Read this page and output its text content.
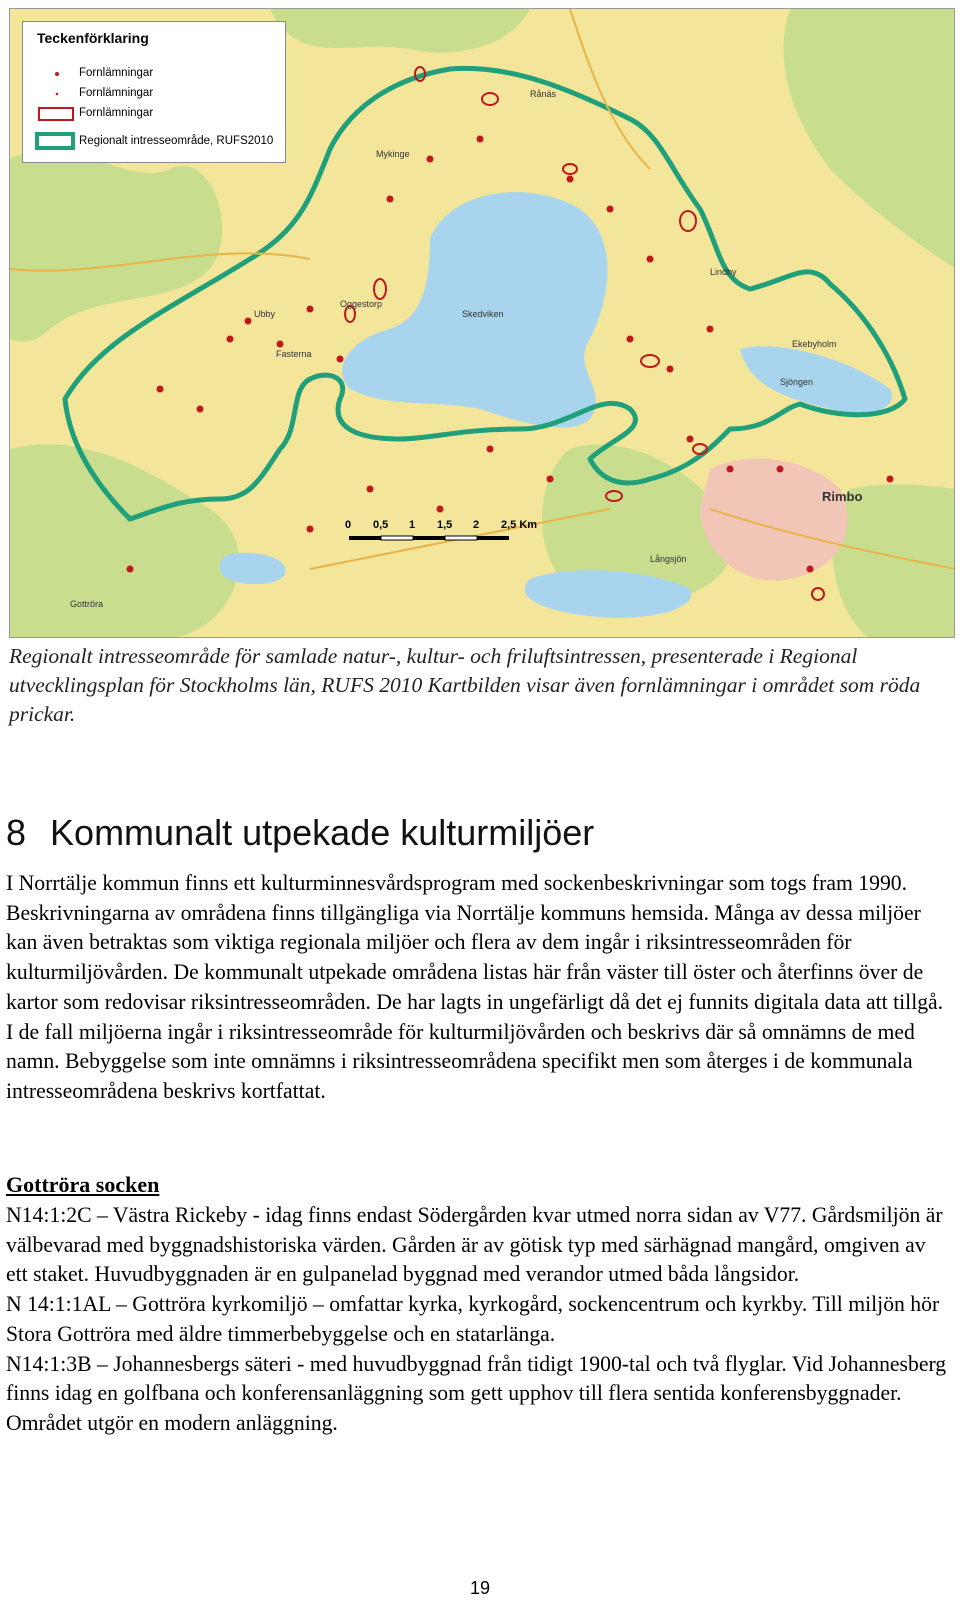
Teckenförklaring
Fornlämningar
Fornlämningar
Fornlämningar
Regionalt intresseområde, RUFS2010
0 0,5 1 1,5 2 2,5 Km
Rånäs
Skedviken
Fasterna
Ubby
Oggestorp
Gottröra
Rimbo
Ekebyholm
Långsjön
Mykinge
Sjöngen
Lindby
Regionalt intresseområde för samlade natur-, kultur- och friluftsintressen, presenterade i Regional utvecklingsplan för Stockholms län, RUFS 2010 Kartbilden visar även fornlämningar i området som röda prickar.
8 Kommunalt utpekade kulturmiljöer
I Norrtälje kommun finns ett kulturminnesvårdsprogram med sockenbeskrivningar som togs fram 1990. Beskrivningarna av områdena finns tillgängliga via Norrtälje kommuns hemsida. Många av dessa miljöer kan även betraktas som viktiga regionala miljöer och flera av dem ingår i riksintresseområden för kulturmiljövården. De kommunalt utpekade områdena listas här från väster till öster och återfinns över de kartor som redovisar riksintresseområden. De har lagts in ungefärligt då det ej funnits digitala data att tillgå. I de fall miljöerna ingår i riksintresseområde för kulturmiljövården och beskrivs där så omnämns de med namn. Bebyggelse som inte omnämns i riksintresseområdena specifikt men som återges i de kommunala intresseområdena beskrivs kortfattat.
Gottröra socken
N14:1:2C – Västra Rickeby - idag finns endast Södergården kvar utmed norra sidan av V77. Gårdsmiljön är välbevarad med byggnadshistoriska värden. Gården är av götisk typ med särhägnad mangård, omgiven av ett staket. Huvudbyggnaden är en gulpanelad byggnad med verandor utmed båda långsidor.
N 14:1:1AL – Gottröra kyrkomiljö – omfattar kyrka, kyrkogård, sockencentrum och kyrkby. Till miljön hör Stora Gottröra med äldre timmerbebyggelse och en statarlänga.
N14:1:3B – Johannesbergs säteri - med huvudbyggnad från tidigt 1900-tal och två flyglar. Vid Johannesberg finns idag en golfbana och konferensanläggning som gett upphov till flera sentida konferensbyggnader. Området utgör en modern anläggning.
19
